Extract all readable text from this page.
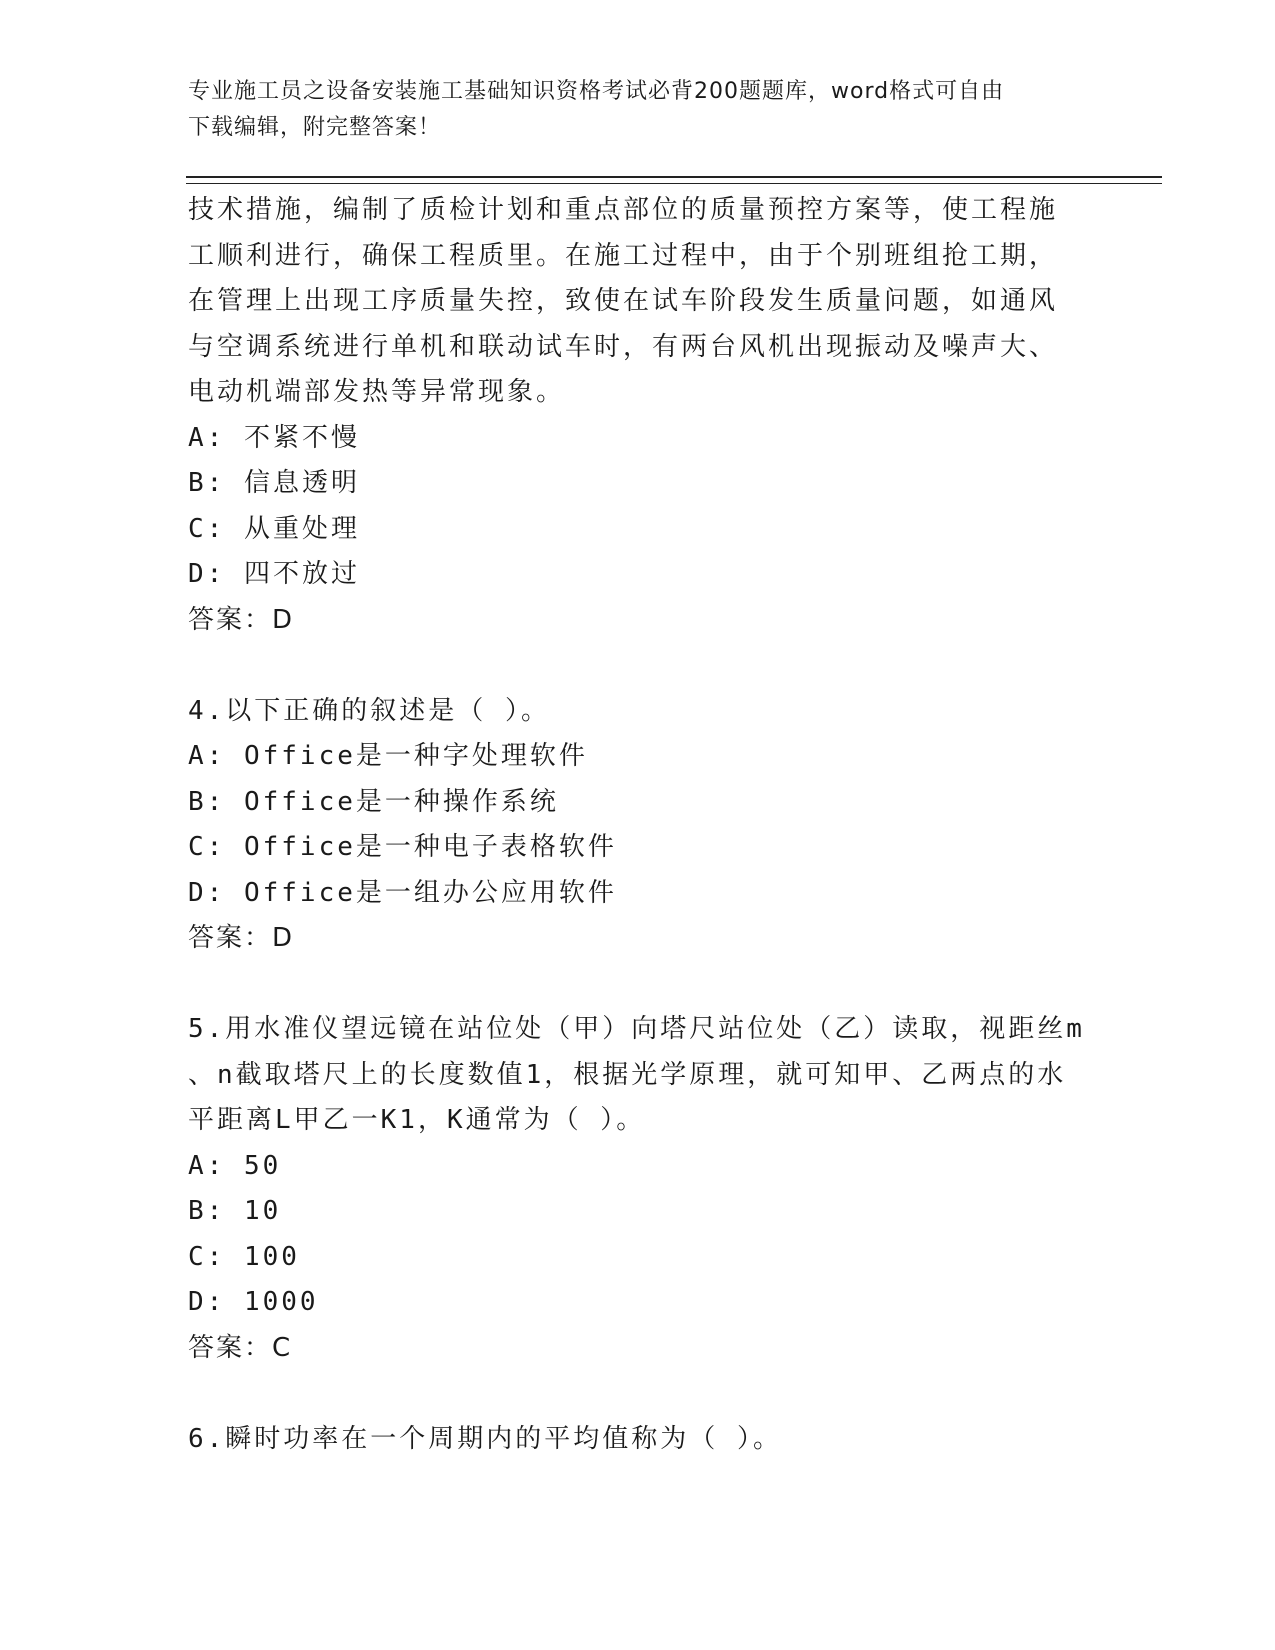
专业施工员之设备安装施工基础知识资格考试必背200题题库，word格式可自由
下载编辑，附完整答案！
技术措施，编制了质检计划和重点部位的质量预控方案等，使工程施
工顺利进行，确保工程质里。在施工过程中，由于个别班组抢工期，
在管理上出现工序质量失控，致使在试车阶段发生质量问题，如通风
与空调系统进行单机和联动试车时，有两台风机出现振动及噪声大、
电动机端部发热等异常现象。
A: 不紧不慢
B: 信息透明
C: 从重处理
D: 四不放过
答案：D
4.以下正确的叙述是（ ）。
A: Office是一种字处理软件
B: Office是一种操作系统
C: Office是一种电子表格软件
D: Office是一组办公应用软件
答案：D
5.用水准仪望远镜在站位处（甲）向塔尺站位处（乙）读取，视距丝m
、n截取塔尺上的长度数值1，根据光学原理，就可知甲、乙两点的水
平距离L甲乙一K1，K通常为（ ）。
A: 50
B: 10
C: 100
D: 1000
答案：C
6.瞬时功率在一个周期内的平均值称为（ ）。
